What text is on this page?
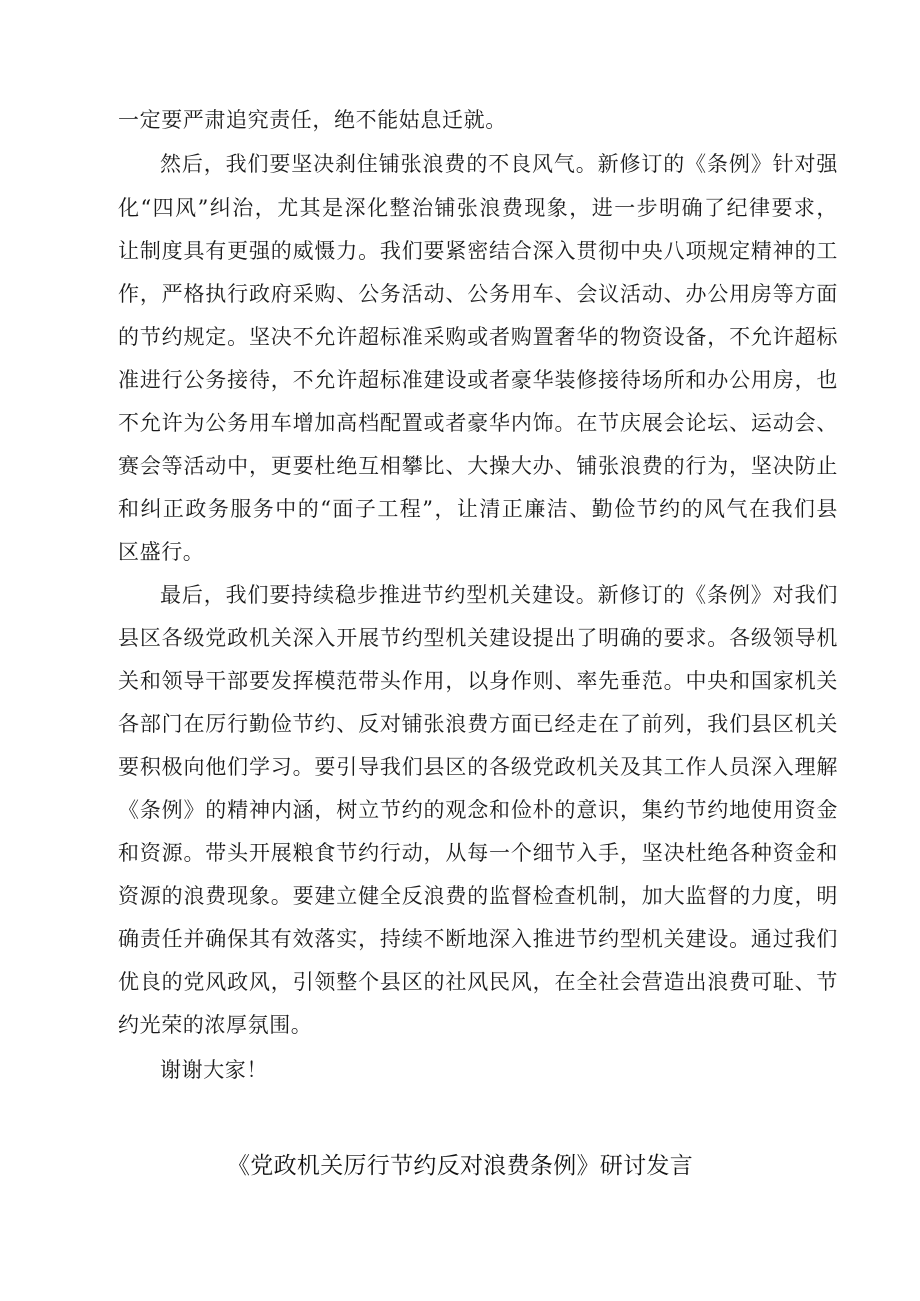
一定要严肃追究责任，绝不能姑息迁就。
然后，我们要坚决刹住铺张浪费的不良风气。新修订的《条例》针对强
化“四风”纠治，尤其是深化整治铺张浪费现象，进一步明确了纪律要求，
让制度具有更强的威慑力。我们要紧密结合深入贯彻中央八项规定精神的工
作，严格执行政府采购、公务活动、公务用车、会议活动、办公用房等方面
的节约规定。坚决不允许超标准采购或者购置奢华的物资设备，不允许超标
准进行公务接待，不允许超标准建设或者豪华装修接待场所和办公用房，也
不允许为公务用车增加高档配置或者豪华内饰。在节庆展会论坛、运动会、
赛会等活动中，更要杜绝互相攀比、大操大办、铺张浪费的行为，坚决防止
和纠正政务服务中的“面子工程”，让清正廉洁、勤俭节约的风气在我们县
区盛行。
最后，我们要持续稳步推进节约型机关建设。新修订的《条例》对我们
县区各级党政机关深入开展节约型机关建设提出了明确的要求。各级领导机
关和领导干部要发挥模范带头作用，以身作则、率先垂范。中央和国家机关
各部门在厉行勤俭节约、反对铺张浪费方面已经走在了前列，我们县区机关
要积极向他们学习。要引导我们县区的各级党政机关及其工作人员深入理解
《条例》的精神内涵，树立节约的观念和俭朴的意识，集约节约地使用资金
和资源。带头开展粮食节约行动，从每一个细节入手，坚决杜绝各种资金和
资源的浪费现象。要建立健全反浪费的监督检查机制，加大监督的力度，明
确责任并确保其有效落实，持续不断地深入推进节约型机关建设。通过我们
优良的党风政风，引领整个县区的社风民风，在全社会营造出浪费可耻、节
约光荣的浓厚氛围。
谢谢大家！
《党政机关厉行节约反对浪费条例》研讨发言
